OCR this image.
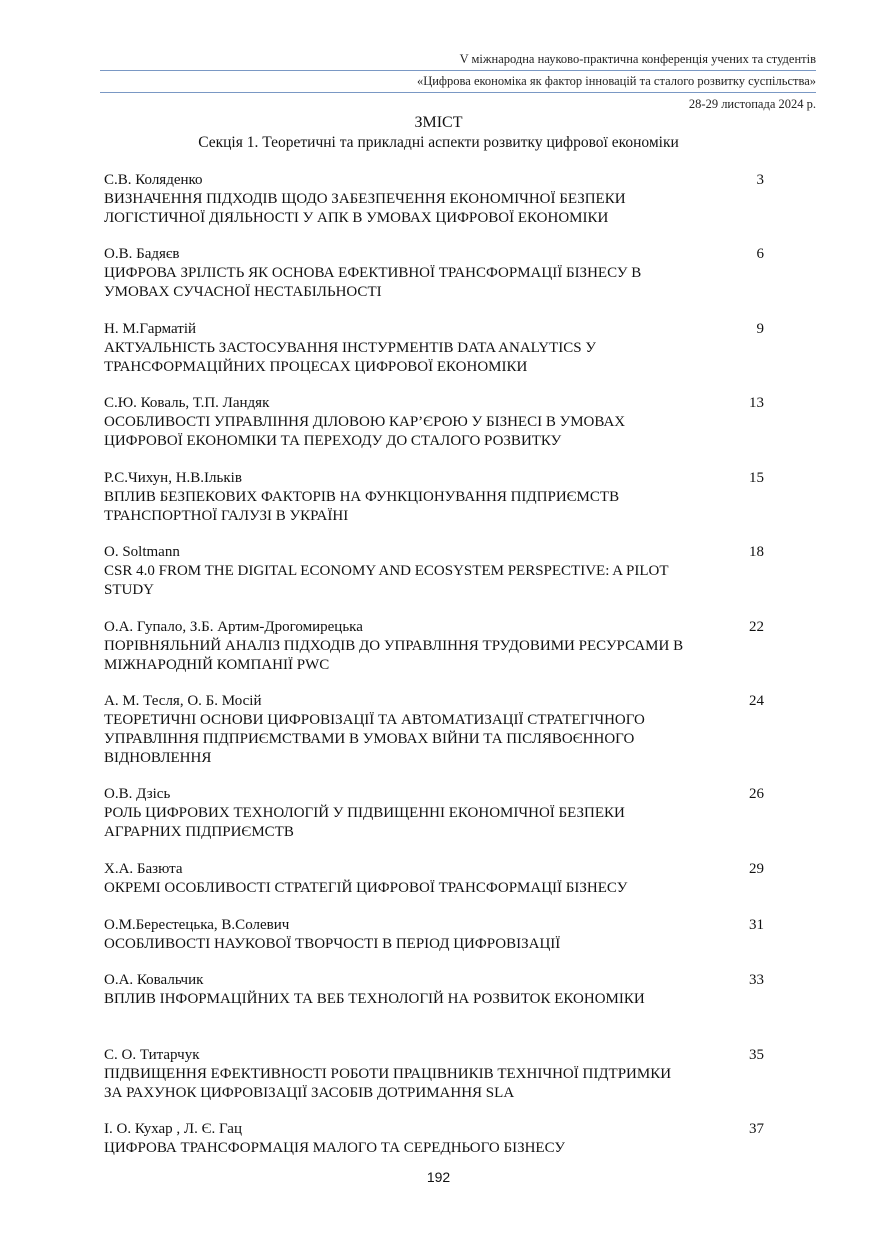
V міжнародна науково-практична конференція учених та студентів
«Цифрова економіка як фактор інновацій та сталого розвитку суспільства»
28-29 листопада 2024 р.
ЗМІСТ
Секція 1. Теоретичні та прикладні аспекти розвитку цифрової економіки
С.В. Коляденко
ВИЗНАЧЕННЯ ПІДХОДІВ ЩОДО ЗАБЕЗПЕЧЕННЯ ЕКОНОМІЧНОЇ БЕЗПЕКИ ЛОГІСТИЧНОЇ ДІЯЛЬНОСТІ У АПК В УМОВАХ ЦИФРОВОЇ ЕКОНОМІКИ
3
О.В. Бадяєв
ЦИФРОВА ЗРІЛІСТЬ ЯК ОСНОВА ЕФЕКТИВНОЇ ТРАНСФОРМАЦІЇ БІЗНЕСУ В УМОВАХ СУЧАСНОЇ НЕСТАБІЛЬНОСТІ
6
Н. М.Гарматій
АКТУАЛЬНІСТЬ ЗАСТОСУВАННЯ ІНСТУРМЕНТІВ DATA ANALYTICS У ТРАНСФОРМАЦІЙНИХ ПРОЦЕСАХ ЦИФРОВОЇ ЕКОНОМІКИ
9
С.Ю. Коваль, Т.П. Ландяк
ОСОБЛИВОСТІ УПРАВЛІННЯ ДІЛОВОЮ КАР’ЄРОЮ У БІЗНЕСІ В УМОВАХ ЦИФРОВОЇ ЕКОНОМІКИ ТА ПЕРЕХОДУ ДО СТАЛОГО РОЗВИТКУ
13
Р.С.Чихун, Н.В.Ільків
ВПЛИВ БЕЗПЕКОВИХ ФАКТОРІВ НА ФУНКЦІОНУВАННЯ ПІДПРИЄМСТВ ТРАНСПОРТНОЇ ГАЛУЗІ В УКРАЇНІ
15
O. Soltmann
CSR 4.0 FROM THE DIGITAL ECONOMY AND ECOSYSTEM PERSPECTIVE: A PILOT STUDY
18
О.А. Гупало, З.Б. Артим-Дрогомирецька
ПОРІВНЯЛЬНИЙ АНАЛІЗ ПІДХОДІВ ДО УПРАВЛІННЯ ТРУДОВИМИ РЕСУРСАМИ В МІЖНАРОДНІЙ КОМПАНІЇ PWC
22
А. М. Тесля, О. Б. Мосій
ТЕОРЕТИЧНІ ОСНОВИ ЦИФРОВІЗАЦІЇ ТА АВТОМАТИЗАЦІЇ СТРАТЕГІЧНОГО УПРАВЛІННЯ ПІДПРИЄМСТВАМИ В УМОВАХ ВІЙНИ ТА ПІСЛЯВОЄННОГО ВІДНОВЛЕННЯ
24
О.В. Дзісь
РОЛЬ ЦИФРОВИХ ТЕХНОЛОГІЙ У ПІДВИЩЕННІ ЕКОНОМІЧНОЇ БЕЗПЕКИ АГРАРНИХ ПІДПРИЄМСТВ
26
Х.А. Базюта
ОКРЕМІ ОСОБЛИВОСТІ СТРАТЕГІЙ ЦИФРОВОЇ ТРАНСФОРМАЦІЇ БІЗНЕСУ
29
О.М.Берестецька, В.Солевич
ОСОБЛИВОСТІ НАУКОВОЇ ТВОРЧОСТІ В ПЕРІОД ЦИФРОВІЗАЦІЇ
31
О.А. Ковальчик
ВПЛИВ ІНФОРМАЦІЙНИХ ТА ВЕБ ТЕХНОЛОГІЙ НА РОЗВИТОК ЕКОНОМІКИ
33
С. О. Титарчук
ПІДВИЩЕННЯ ЕФЕКТИВНОСТІ РОБОТИ ПРАЦІВНИКІВ ТЕХНІЧНОЇ ПІДТРИМКИ ЗА РАХУНОК ЦИФРОВІЗАЦІЇ ЗАСОБІВ ДОТРИМАННЯ SLA
35
І. О. Кухар , Л. Є. Гац
ЦИФРОВА ТРАНСФОРМАЦІЯ МАЛОГО ТА СЕРЕДНЬОГО БІЗНЕСУ
37
192
